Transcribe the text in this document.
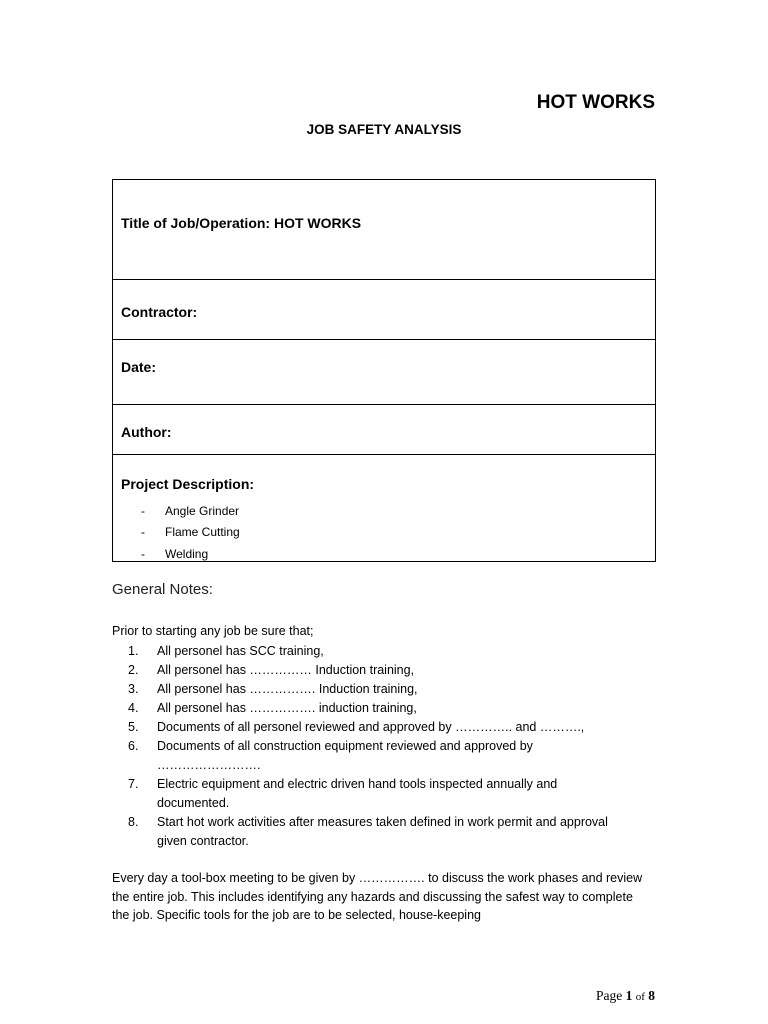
HOT WORKS
JOB SAFETY ANALYSIS
Title of Job/Operation: HOT WORKS
Contractor:
Date:
Author:
Project Description:
-	Angle Grinder
-	Flame Cutting
-	Welding
General Notes:
Prior to starting any job be sure that;
1.	All personel has SCC training,
2.	All personel has …………… Induction training,
3.	All personel has ……………. Induction training,
4.	All personel has ……………. induction training,
5.	Documents of all personel reviewed and approved by ………….. and ……….,
6.	Documents of all construction equipment reviewed and approved by …………………….
7.	Electric equipment and electric driven hand tools inspected annually and documented.
8.	Start hot work activities after measures taken defined in work permit and approval given contractor.
Every day a tool-box meeting to be given by ……………. to discuss the work phases and review the entire job. This includes identifying any hazards and discussing the safest way to complete the job. Specific tools for the job are to be selected, house-keeping
Page 1 of 8
